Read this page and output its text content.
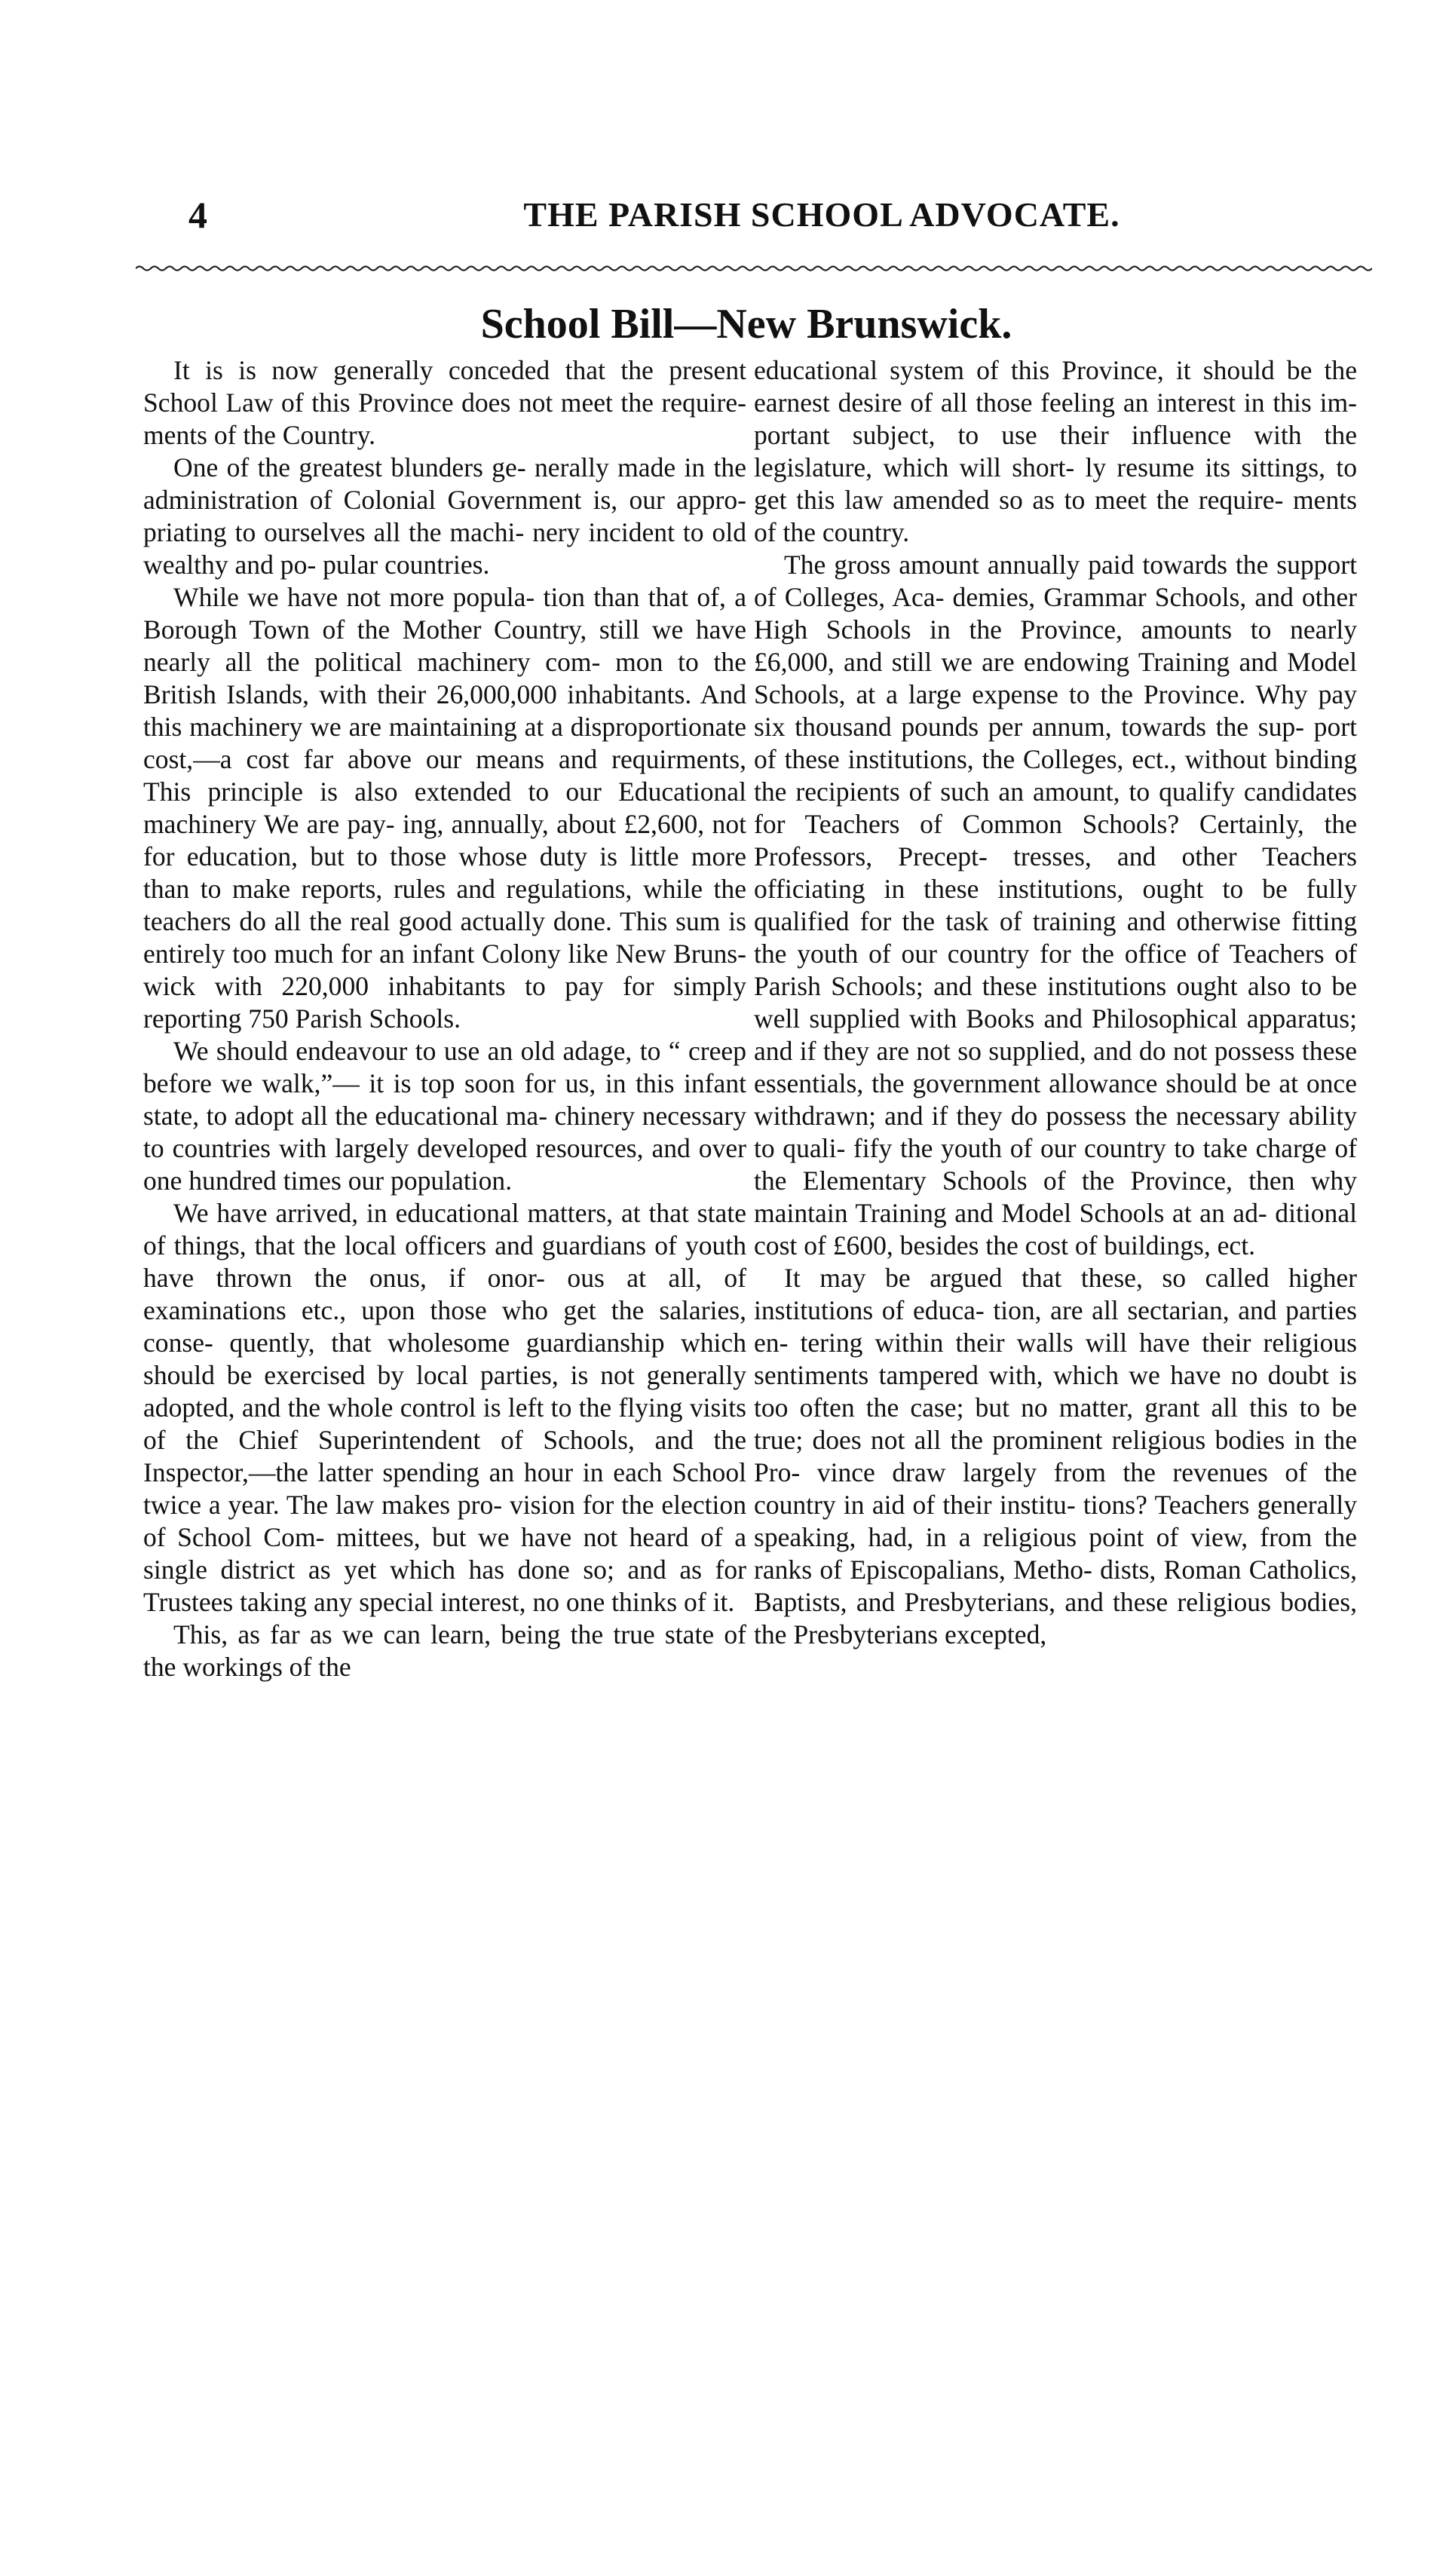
4	THE PARISH SCHOOL ADVOCATE.
School Bill—New Brunswick.

It is is now generally conceded that the present School Law of this Province does not meet the require- ments of the Country.

One of the greatest blunders ge- nerally made in the administration of Colonial Government is, our appro- priating to ourselves all the machi- nery incident to old wealthy and po- pular countries.

While we have not more popula- tion than that of, a Borough Town of the Mother Country, still we have nearly all the political machinery com- mon to the British Islands, with their 26,000,000 inhabitants. And this machinery we are maintaining at a disproportionate cost,—a cost far above our means and requirments, This principle is also extended to our Educational machinery We are pay- ing, annually, about £2,600, not for education, but to those whose duty is little more than to make reports, rules and regulations, while the teachers do all the real good actually done. This sum is entirely too much for an infant Colony like New Bruns- wick with 220,000 inhabitants to pay for simply reporting 750 Parish Schools.

We should endeavour to use an old adage, to “ creep before we walk,”— it is top soon for us, in this infant state, to adopt all the educational ma- chinery necessary to countries with largely developed resources, and over one hundred times our population.

We have arrived, in educational matters, at that state of things, that the local officers and guardians of youth have thrown the onus, if onor- ous at all, of examinations etc., upon those who get the salaries, conse- quently, that wholesome guardianship which should be exercised by local parties, is not generally adopted, and the whole control is left to the flying visits of the Chief Superintendent of Schools, and the Inspector,—the latter spending an hour in each School twice a year. The law makes pro- vision for the election of School Com- mittees, but we have not heard of a single district as yet which has done so; and as for Trustees taking any special interest, no one thinks of it.

This, as far as we can learn, being the true state of the workings of the

educational system of this Province, it should be the earnest desire of all those feeling an interest in this im- portant subject, to use their influence with the legislature, which will short- ly resume its sittings, to get this law amended so as to meet the require- ments of the country.

The gross amount annually paid towards the support of Colleges, Aca- demies, Grammar Schools, and other High Schools in the Province, amounts to nearly £6,000, and still we are endowing Training and Model Schools, at a large expense to the Province. Why pay six thousand pounds per annum, towards the sup- port of these institutions, the Colleges, ect., without binding the recipients of such an amount, to qualify candidates for Teachers of Common Schools? Certainly, the Professors, Precept- tresses, and other Teachers officiating in these institutions, ought to be fully qualified for the task of training and otherwise fitting the youth of our country for the office of Teachers of Parish Schools; and these institutions ought also to be well supplied with Books and Philosophical apparatus; and if they are not so supplied, and do not possess these essentials, the government allowance should be at once withdrawn; and if they do possess the necessary ability to quali- fify the youth of our country to take charge of the Elementary Schools of the Province, then why maintain Training and Model Schools at an ad- ditional cost of £600, besides the cost of buildings, ect.

It may be argued that these, so called higher institutions of educa- tion, are all sectarian, and parties en- tering within their walls will have their religious sentiments tampered with, which we have no doubt is too often the case; but no matter, grant all this to be true; does not all the prominent religious bodies in the Pro- vince draw largely from the revenues of the country in aid of their institu- tions? Teachers generally speaking, had, in a religious point of view, from the ranks of Episcopalians, Metho- dists, Roman Catholics, Baptists, and Presbyterians, and these religious bodies, the Presbyterians excepted,
